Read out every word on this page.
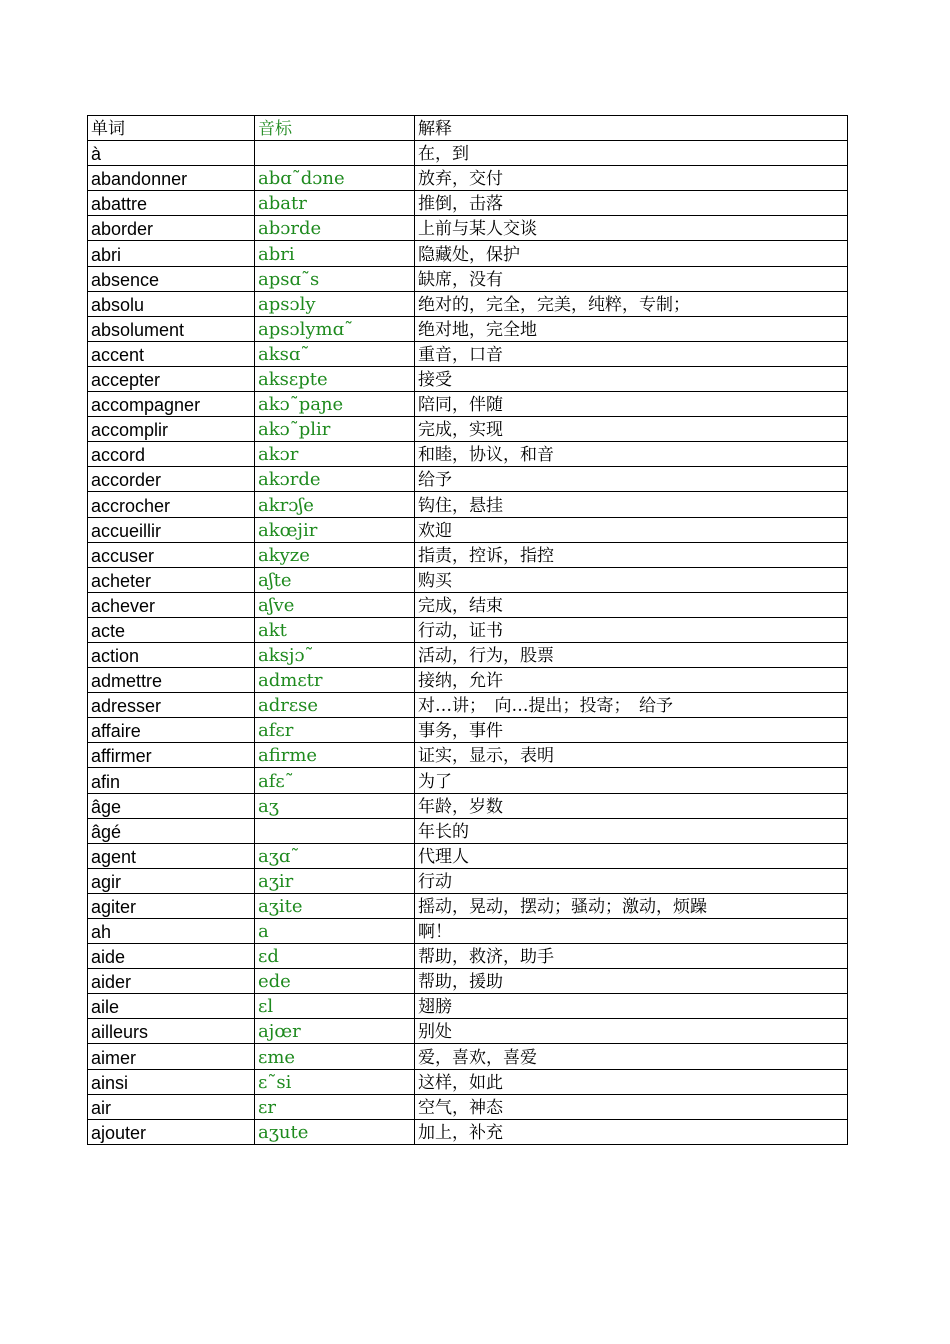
单词	音标	解释
à		在，到
abandonner	abɑ˜dɔne	放弃，交付
abattre	abatr	推倒，击落
aborder	abɔrde	上前与某人交谈
abri	abri	隐藏处，保护
absence	apsɑ˜s	缺席，没有
absolu	apsɔly	绝对的，完全，完美，纯粹，专制；
absolument	apsɔlymɑ˜	绝对地，完全地
accent	aksɑ˜	重音，口音
accepter	aksɛpte	接受
accompagner	akɔ˜paɲe	陪同，伴随
accomplir	akɔ˜plir	完成，实现
accord	akɔr	和睦，协议，和音
accorder	akɔrde	给予
accrocher	akrɔʃe	钩住，悬挂
accueillir	akœjir	欢迎
accuser	akyze	指责，控诉，指控
acheter	aʃte	购买
achever	aʃve	完成，结束
acte	akt	行动，证书
action	aksjɔ˜	活动，行为，股票
admettre	admɛtr	接纳，允许
adresser	adrɛse	对…讲；　向…提出；投寄；　给予
affaire	afɛr	事务，事件
affirmer	afirme	证实，显示，表明
afin	afɛ˜	为了
âge	aʒ	年龄，岁数
âgé		年长的
agent	aʒɑ˜	代理人
agir	aʒir	行动
agiter	aʒite	摇动，晃动，摆动；骚动；激动，烦躁
ah	a	啊！
aide	ɛd	帮助，救济，助手
aider	ede	帮助，援助
aile	ɛl	翅膀
ailleurs	ajœr	别处
aimer	ɛme	爱，喜欢，喜爱
ainsi	ɛ˜si	这样，如此
air	ɛr	空气，神态
ajouter	aʒute	加上，补充
